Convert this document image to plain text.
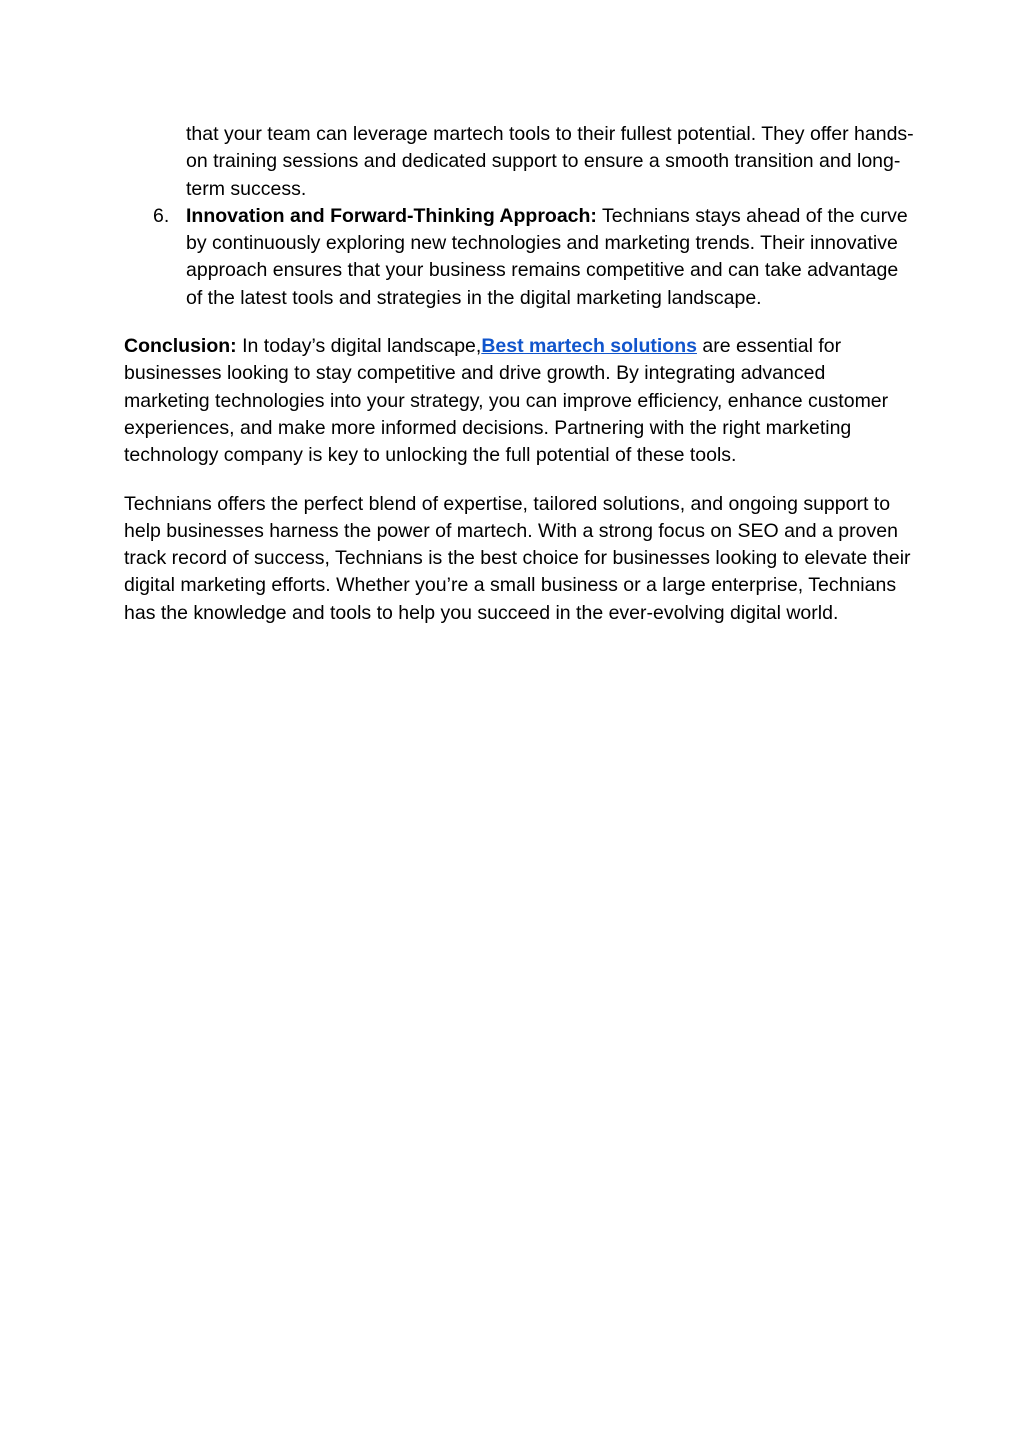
that your team can leverage martech tools to their fullest potential. They offer hands-on training sessions and dedicated support to ensure a smooth transition and long-term success.

6. Innovation and Forward-Thinking Approach: Technians stays ahead of the curve by continuously exploring new technologies and marketing trends. Their innovative approach ensures that your business remains competitive and can take advantage of the latest tools and strategies in the digital marketing landscape.

Conclusion: In today’s digital landscape,Best martech solutions are essential for businesses looking to stay competitive and drive growth. By integrating advanced marketing technologies into your strategy, you can improve efficiency, enhance customer experiences, and make more informed decisions. Partnering with the right marketing technology company is key to unlocking the full potential of these tools.

Technians offers the perfect blend of expertise, tailored solutions, and ongoing support to help businesses harness the power of martech. With a strong focus on SEO and a proven track record of success, Technians is the best choice for businesses looking to elevate their digital marketing efforts. Whether you’re a small business or a large enterprise, Technians has the knowledge and tools to help you succeed in the ever-evolving digital world.
